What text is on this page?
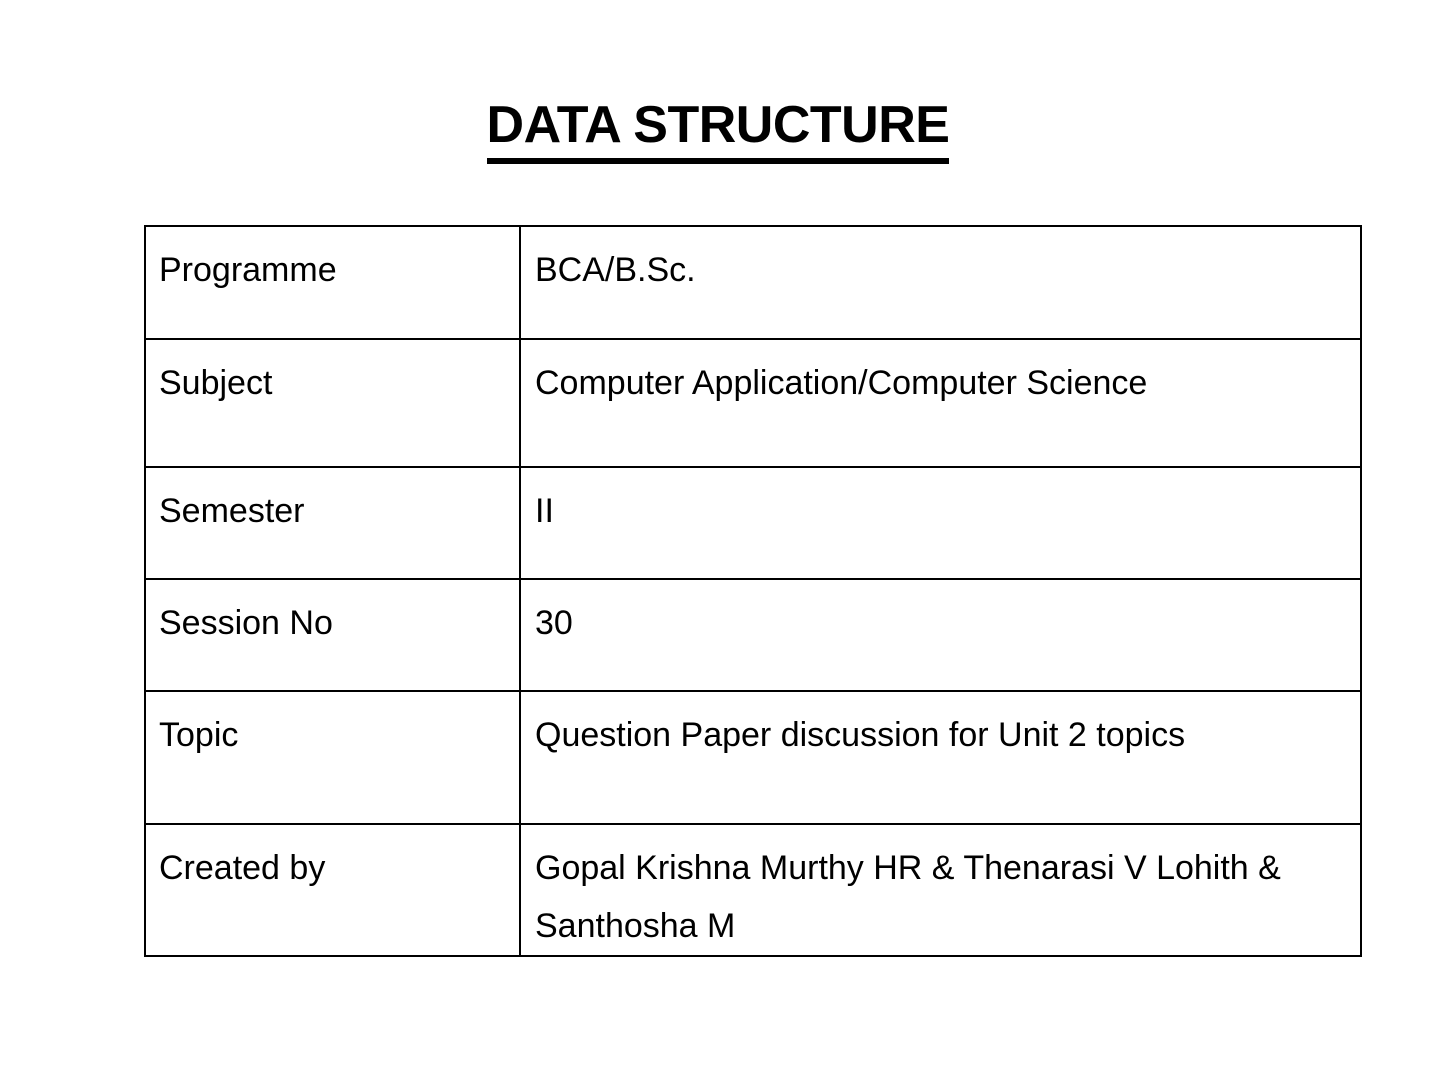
DATA STRUCTURE
Programme	BCA/B.Sc.

Subject	Computer Application/Computer Science

Semester	II

Session No	30

Topic	Question Paper discussion for Unit 2 topics

Created by	Gopal Krishna Murthy HR & Thenarasi V Lohith & Santhosha M
